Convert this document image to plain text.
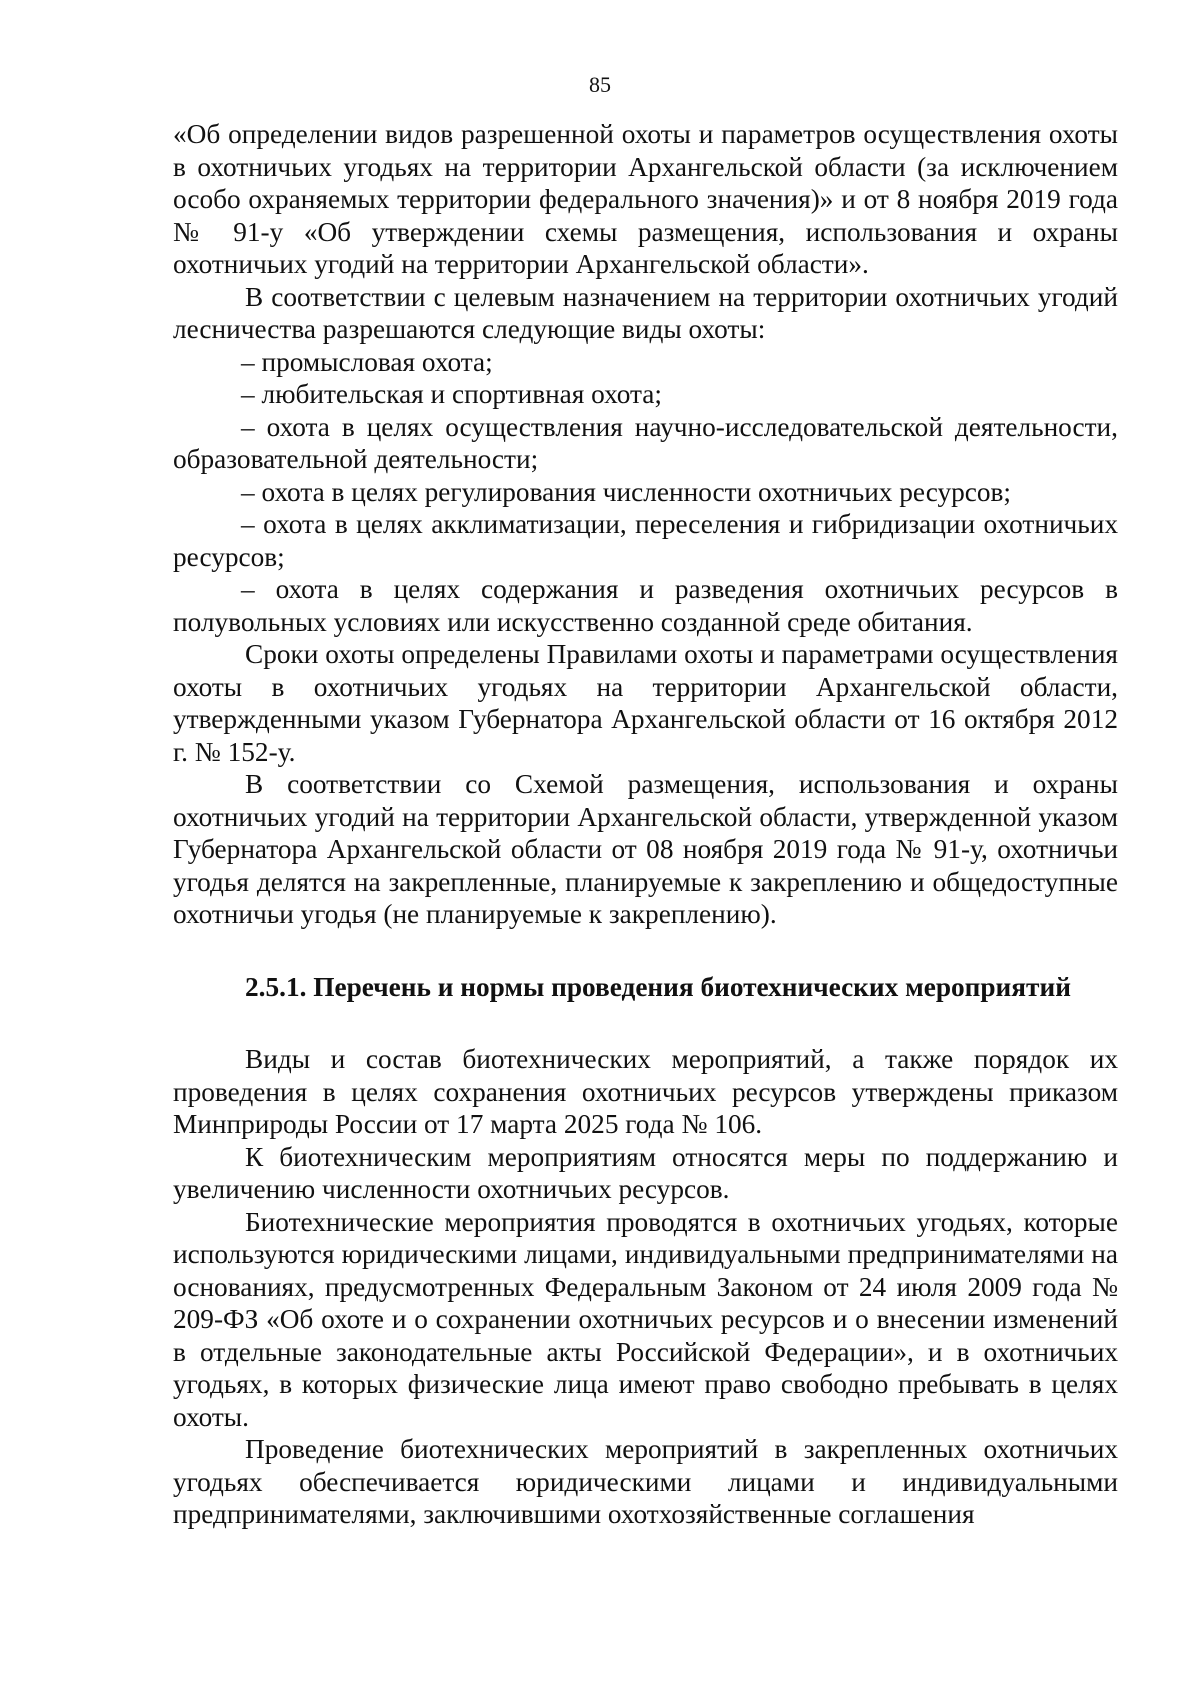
85

«Об определении видов разрешенной охоты и параметров осуществления охоты в охотничьих угодьях на территории Архангельской области (за исключением особо охраняемых территории федерального значения)» и от 8 ноября 2019 года № 91-у «Об утверждении схемы размещения, использования и охраны охотничьих угодий на территории Архангельской области».

В соответствии с целевым назначением на территории охотничьих угодий лесничества разрешаются следующие виды охоты:

– промысловая охота;

– любительская и спортивная охота;

– охота в целях осуществления научно-исследовательской деятельности, образовательной деятельности;

– охота в целях регулирования численности охотничьих ресурсов;

– охота в целях акклиматизации, переселения и гибридизации охотничьих ресурсов;

– охота в целях содержания и разведения охотничьих ресурсов в полувольных условиях или искусственно созданной среде обитания.

Сроки охоты определены Правилами охоты и параметрами осуществления охоты в охотничьих угодьях на территории Архангельской области, утвержденными указом Губернатора Архангельской области от 16 октября 2012 г. № 152-у.

В соответствии со Схемой размещения, использования и охраны охотничьих угодий на территории Архангельской области, утвержденной указом Губернатора Архангельской области от 08 ноября 2019 года № 91-у, охотничьи угодья делятся на закрепленные, планируемые к закреплению и общедоступные охотничьи угодья (не планируемые к закреплению).

2.5.1. Перечень и нормы проведения биотехнических мероприятий

Виды и состав биотехнических мероприятий, а также порядок их проведения в целях сохранения охотничьих ресурсов утверждены приказом Минприроды России от 17 марта 2025 года № 106.

К биотехническим мероприятиям относятся меры по поддержанию и увеличению численности охотничьих ресурсов.

Биотехнические мероприятия проводятся в охотничьих угодьях, которые используются юридическими лицами, индивидуальными предпринимателями на основаниях, предусмотренных Федеральным Законом от 24 июля 2009 года № 209-ФЗ «Об охоте и о сохранении охотничьих ресурсов и о внесении изменений в отдельные законодательные акты Российской Федерации», и в охотничьих угодьях, в которых физические лица имеют право свободно пребывать в целях охоты.

Проведение биотехнических мероприятий в закрепленных охотничьих угодьях обеспечивается юридическими лицами и индивидуальными предпринимателями, заключившими охотхозяйственные соглашения
